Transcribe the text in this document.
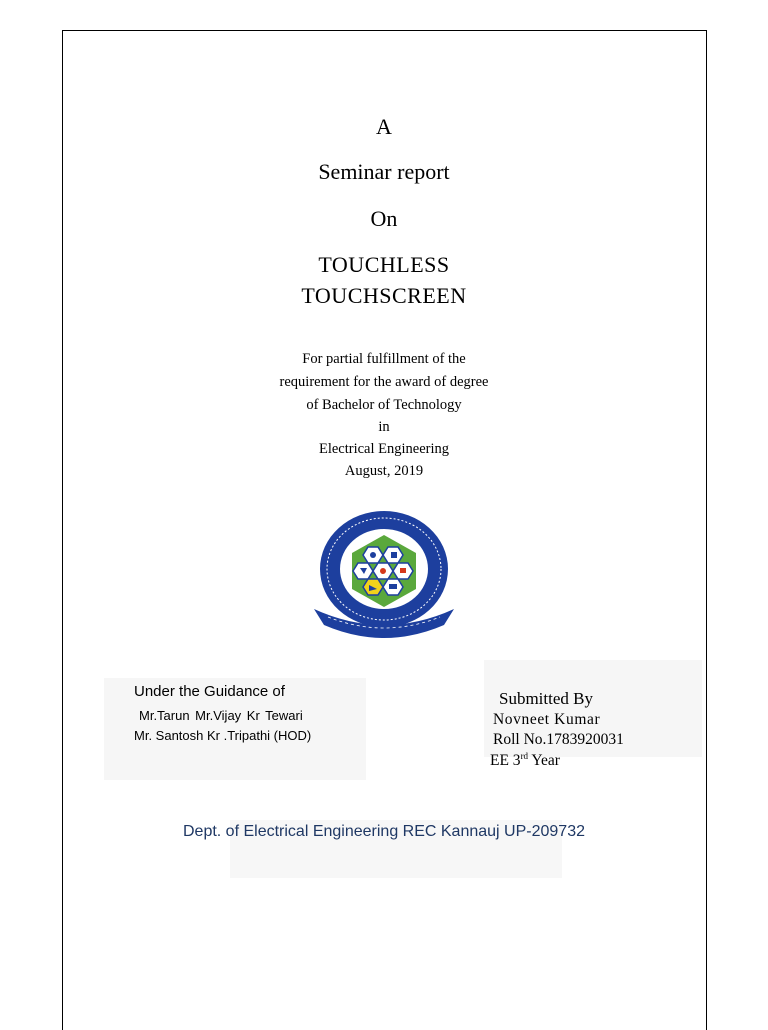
A
Seminar report
On
TOUCHLESS
TOUCHSCREEN
For partial fulfillment of the
requirement for the award of degree
of Bachelor of Technology
in
Electrical Engineering
August, 2019
Under the Guidance of
Mr.Tarun Mr.Vijay Kr Tewari
Mr. Santosh Kr .Tripathi (HOD)
Submitted By
Novneet Kumar
Roll No.1783920031
EE 3rd Year
Dept. of Electrical Engineering REC Kannauj UP-209732
